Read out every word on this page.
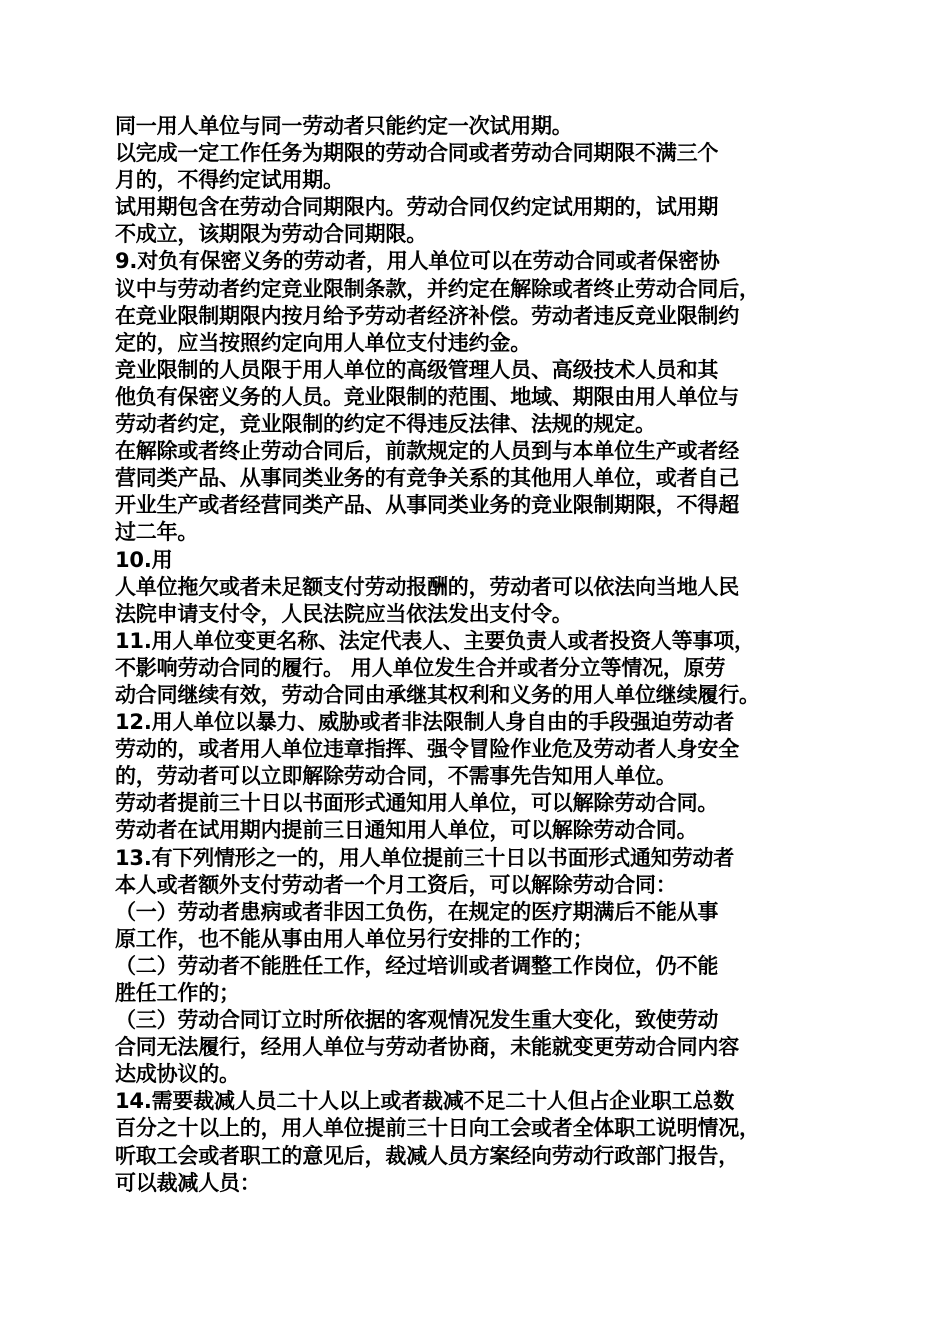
同一用人单位与同一劳动者只能约定一次试用期。
以完成一定工作任务为期限的劳动合同或者劳动合同期限不满三个
月的，不得约定试用期。
试用期包含在劳动合同期限内。劳动合同仅约定试用期的，试用期
不成立，该期限为劳动合同期限。
9.对负有保密义务的劳动者，用人单位可以在劳动合同或者保密协
议中与劳动者约定竞业限制条款，并约定在解除或者终止劳动合同后，
在竞业限制期限内按月给予劳动者经济补偿。劳动者违反竞业限制约
定的，应当按照约定向用人单位支付违约金。
竞业限制的人员限于用人单位的高级管理人员、高级技术人员和其
他负有保密义务的人员。竞业限制的范围、地域、期限由用人单位与
劳动者约定，竞业限制的约定不得违反法律、法规的规定。
在解除或者终止劳动合同后，前款规定的人员到与本单位生产或者经
营同类产品、从事同类业务的有竞争关系的其他用人单位，或者自己
开业生产或者经营同类产品、从事同类业务的竞业限制期限，不得超
过二年。
10.用
人单位拖欠或者未足额支付劳动报酬的，劳动者可以依法向当地人民
法院申请支付令，人民法院应当依法发出支付令。
11.用人单位变更名称、法定代表人、主要负责人或者投资人等事项，
不影响劳动合同的履行。 用人单位发生合并或者分立等情况，原劳
动合同继续有效，劳动合同由承继其权利和义务的用人单位继续履行。
12.用人单位以暴力、威胁或者非法限制人身自由的手段强迫劳动者
劳动的，或者用人单位违章指挥、强令冒险作业危及劳动者人身安全
的，劳动者可以立即解除劳动合同，不需事先告知用人单位。
劳动者提前三十日以书面形式通知用人单位，可以解除劳动合同。
劳动者在试用期内提前三日通知用人单位，可以解除劳动合同。
13.有下列情形之一的，用人单位提前三十日以书面形式通知劳动者
本人或者额外支付劳动者一个月工资后，可以解除劳动合同：
（一）劳动者患病或者非因工负伤，在规定的医疗期满后不能从事
原工作，也不能从事由用人单位另行安排的工作的；
（二）劳动者不能胜任工作，经过培训或者调整工作岗位，仍不能
胜任工作的；
（三）劳动合同订立时所依据的客观情况发生重大变化，致使劳动
合同无法履行，经用人单位与劳动者协商，未能就变更劳动合同内容
达成协议的。
14.需要裁减人员二十人以上或者裁减不足二十人但占企业职工总数
百分之十以上的，用人单位提前三十日向工会或者全体职工说明情况，
听取工会或者职工的意见后，裁减人员方案经向劳动行政部门报告，
可以裁减人员：
